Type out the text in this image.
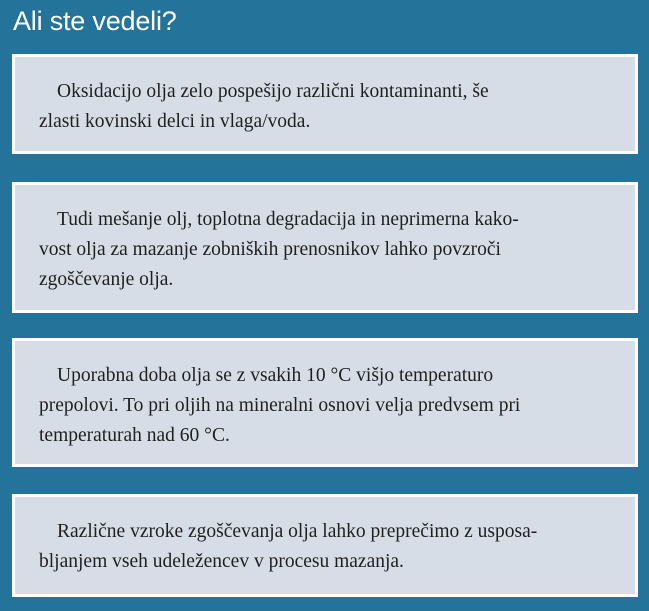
Ali ste vedeli?
Oksidacijo olja zelo pospešijo različni kontaminanti, še
zlasti kovinski delci in vlaga/voda.
Tudi mešanje olj, toplotna degradacija in neprimerna kako-
vost olja za mazanje zobniških prenosnikov lahko povzroči
zgoščevanje olja.
Uporabna doba olja se z vsakih 10 °C višjo temperaturo
prepolovi. To pri oljih na mineralni osnovi velja predvsem pri
temperaturah nad 60 °C.
Različne vzroke zgoščevanja olja lahko preprečimo z usposa-
bljanjem vseh udeležencev v procesu mazanja.
